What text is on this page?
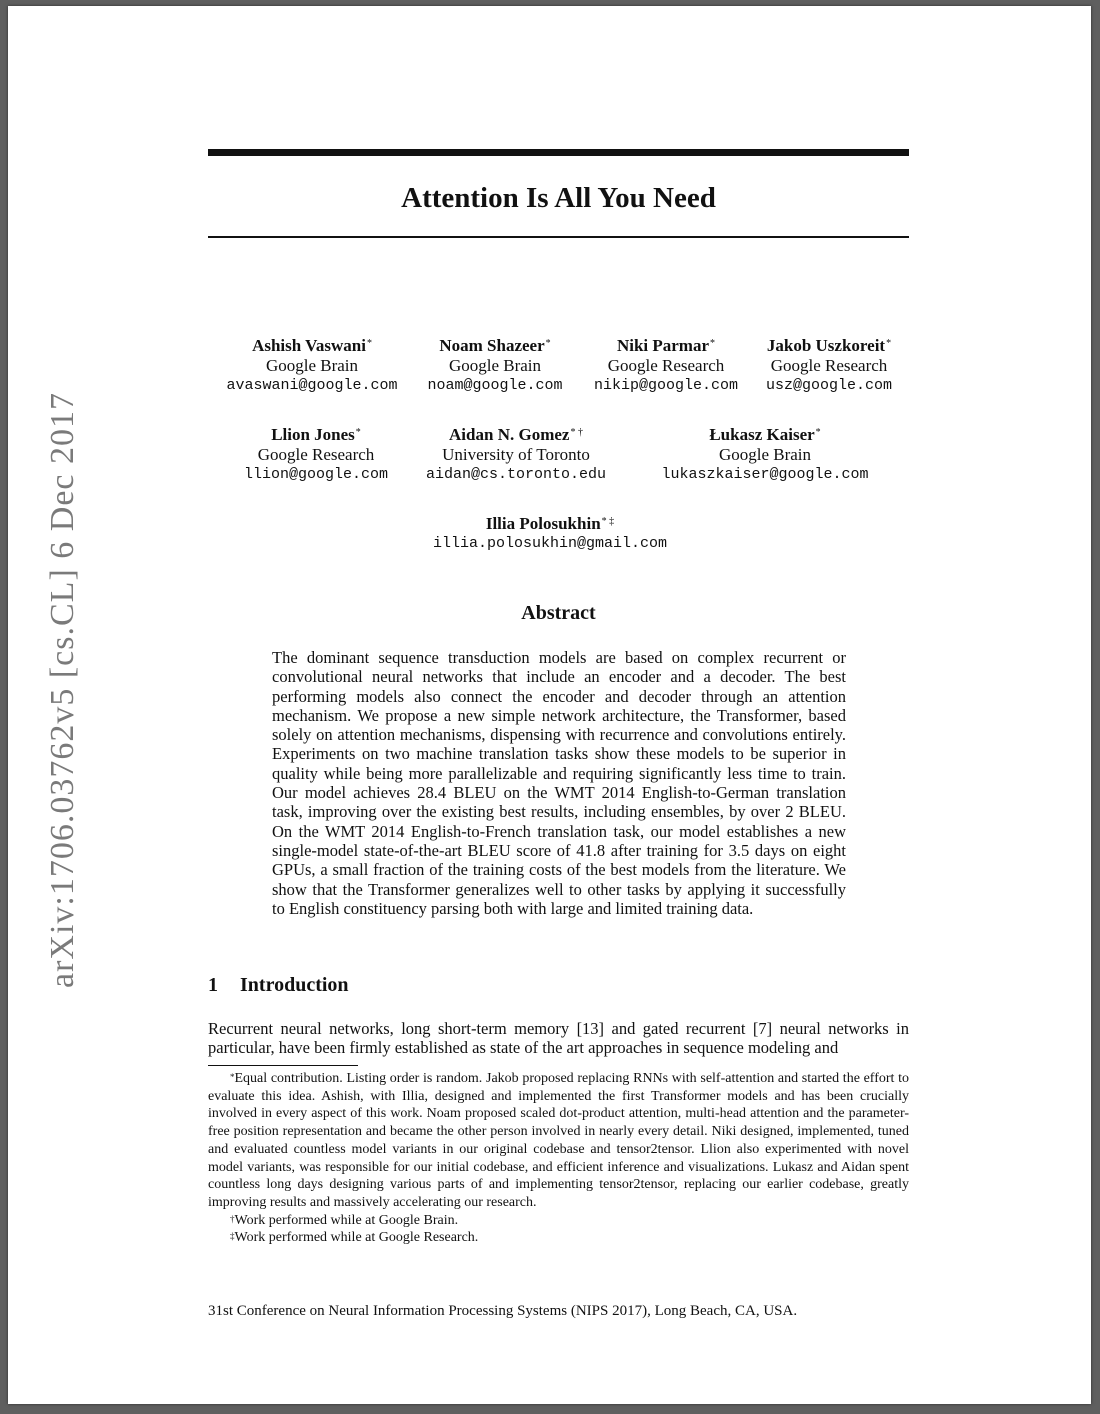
arXiv:1706.03762v5 [cs.CL] 6 Dec 2017
Attention Is All You Need
Ashish Vaswani*
Google Brain
avaswani@google.com
Noam Shazeer*
Google Brain
noam@google.com
Niki Parmar*
Google Research
nikip@google.com
Jakob Uszkoreit*
Google Research
usz@google.com
Llion Jones*
Google Research
llion@google.com
Aidan N. Gomez* †
University of Toronto
aidan@cs.toronto.edu
Łukasz Kaiser*
Google Brain
lukaszkaiser@google.com
Illia Polosukhin* ‡
illia.polosukhin@gmail.com
Abstract
The dominant sequence transduction models are based on complex recurrent or convolutional neural networks that include an encoder and a decoder. The best performing models also connect the encoder and decoder through an attention mechanism. We propose a new simple network architecture, the Transformer, based solely on attention mechanisms, dispensing with recurrence and convolutions entirely. Experiments on two machine translation tasks show these models to be superior in quality while being more parallelizable and requiring significantly less time to train. Our model achieves 28.4 BLEU on the WMT 2014 English-to-German translation task, improving over the existing best results, including ensembles, by over 2 BLEU. On the WMT 2014 English-to-French translation task, our model establishes a new single-model state-of-the-art BLEU score of 41.8 after training for 3.5 days on eight GPUs, a small fraction of the training costs of the best models from the literature. We show that the Transformer generalizes well to other tasks by applying it successfully to English constituency parsing both with large and limited training data.
1 Introduction
Recurrent neural networks, long short-term memory [13] and gated recurrent [7] neural networks in particular, have been firmly established as state of the art approaches in sequence modeling and

*Equal contribution. Listing order is random. Jakob proposed replacing RNNs with self-attention and started the effort to evaluate this idea. Ashish, with Illia, designed and implemented the first Transformer models and has been crucially involved in every aspect of this work. Noam proposed scaled dot-product attention, multi-head attention and the parameter-free position representation and became the other person involved in nearly every detail. Niki designed, implemented, tuned and evaluated countless model variants in our original codebase and tensor2tensor. Llion also experimented with novel model variants, was responsible for our initial codebase, and efficient inference and visualizations. Lukasz and Aidan spent countless long days designing various parts of and implementing tensor2tensor, replacing our earlier codebase, greatly improving results and massively accelerating our research.

†Work performed while at Google Brain.

‡Work performed while at Google Research.

31st Conference on Neural Information Processing Systems (NIPS 2017), Long Beach, CA, USA.
